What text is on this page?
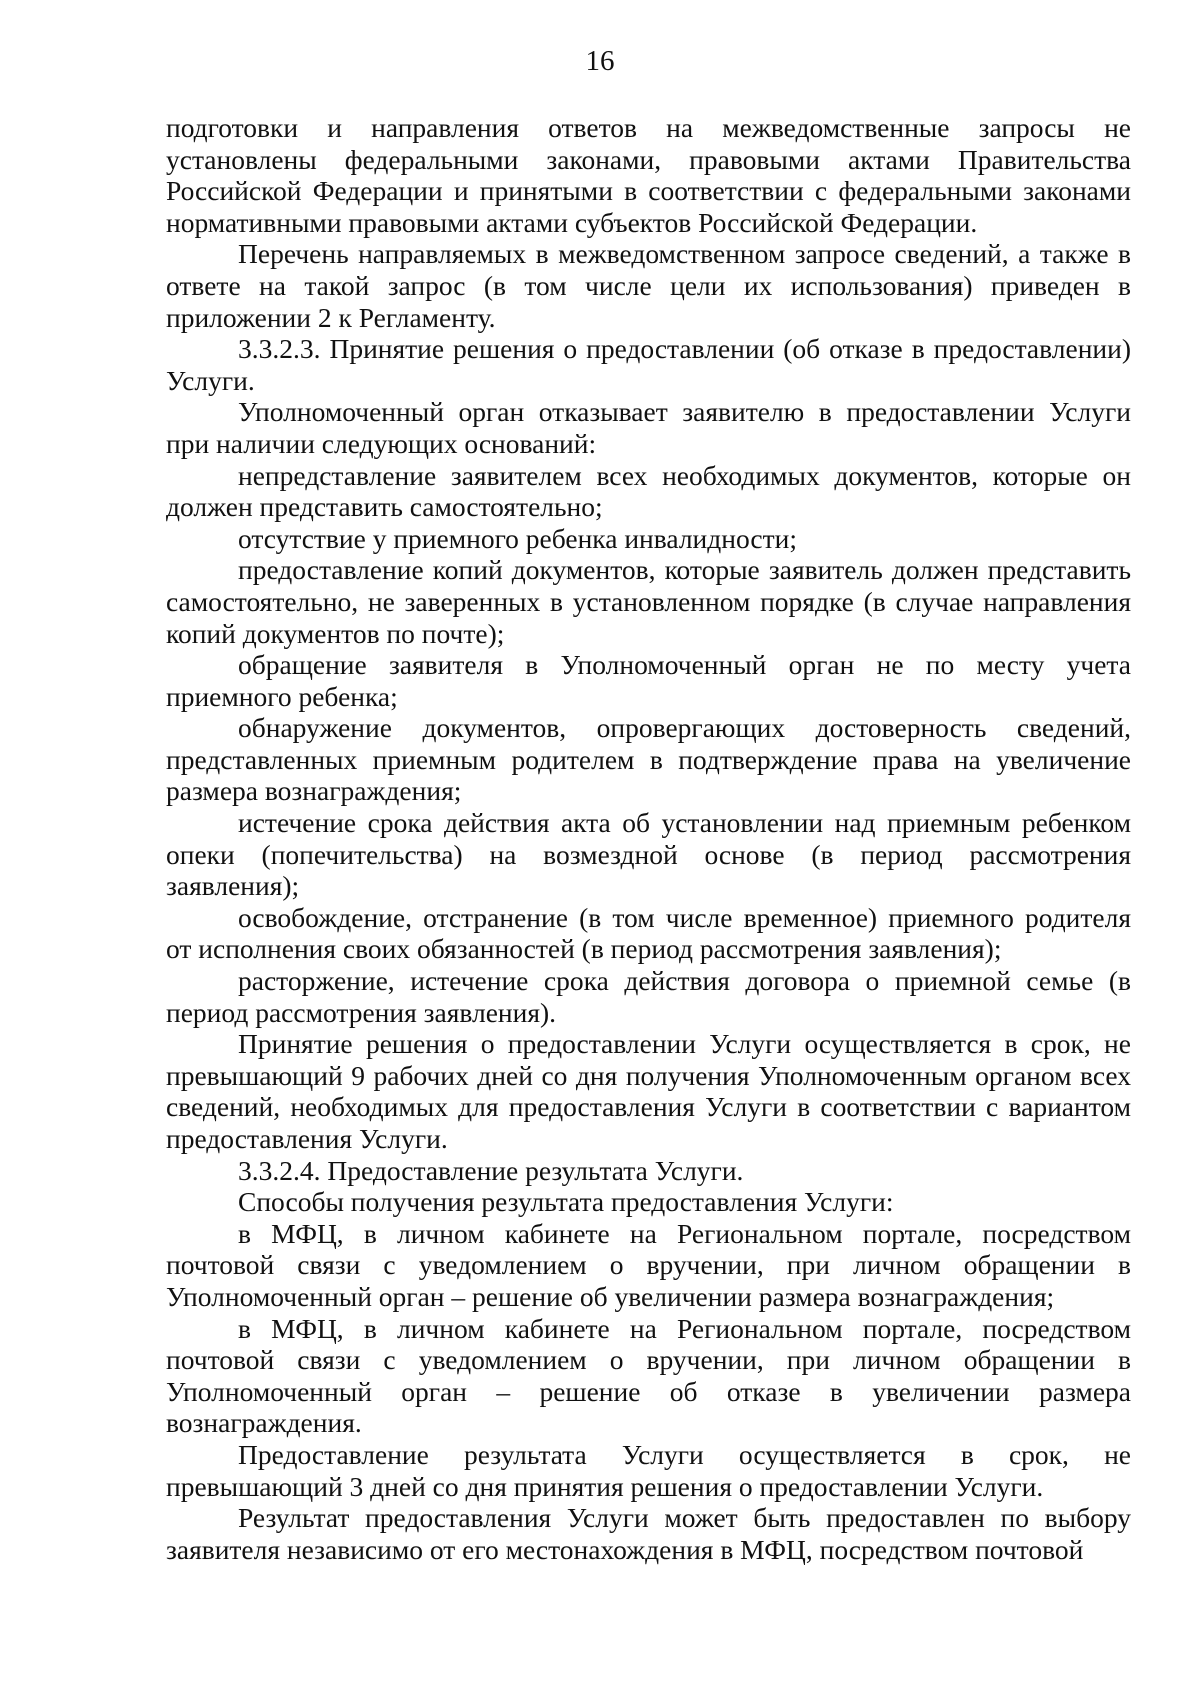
16

подготовки и направления ответов на межведомственные запросы не установлены федеральными законами, правовыми актами Правительства Российской Федерации и принятыми в соответствии с федеральными законами нормативными правовыми актами субъектов Российской Федерации.

Перечень направляемых в межведомственном запросе сведений, а также в ответе на такой запрос (в том числе цели их использования) приведен в приложении 2 к Регламенту.

3.3.2.3. Принятие решения о предоставлении (об отказе в предоставлении) Услуги.

Уполномоченный орган отказывает заявителю в предоставлении Услуги при наличии следующих оснований:

непредставление заявителем всех необходимых документов, которые он должен представить самостоятельно;

отсутствие у приемного ребенка инвалидности;

предоставление копий документов, которые заявитель должен представить самостоятельно, не заверенных в установленном порядке (в случае направления копий документов по почте);

обращение заявителя в Уполномоченный орган не по месту учета приемного ребенка;

обнаружение документов, опровергающих достоверность сведений, представленных приемным родителем в подтверждение права на увеличение размера вознаграждения;

истечение срока действия акта об установлении над приемным ребенком опеки (попечительства) на возмездной основе (в период рассмотрения заявления);

освобождение, отстранение (в том числе временное) приемного родителя от исполнения своих обязанностей (в период рассмотрения заявления);

расторжение, истечение срока действия договора о приемной семье (в период рассмотрения заявления).

Принятие решения о предоставлении Услуги осуществляется в срок, не превышающий 9 рабочих дней со дня получения Уполномоченным органом всех сведений, необходимых для предоставления Услуги в соответствии с вариантом предоставления Услуги.

3.3.2.4. Предоставление результата Услуги.

Способы получения результата предоставления Услуги:

в МФЦ, в личном кабинете на Региональном портале, посредством почтовой связи с уведомлением о вручении, при личном обращении в Уполномоченный орган – решение об увеличении размера вознаграждения;

в МФЦ, в личном кабинете на Региональном портале, посредством почтовой связи с уведомлением о вручении, при личном обращении в Уполномоченный орган – решение об отказе в увеличении размера вознаграждения.

Предоставление результата Услуги осуществляется в срок, не превышающий 3 дней со дня принятия решения о предоставлении Услуги.

Результат предоставления Услуги может быть предоставлен по выбору заявителя независимо от его местонахождения в МФЦ, посредством почтовой
